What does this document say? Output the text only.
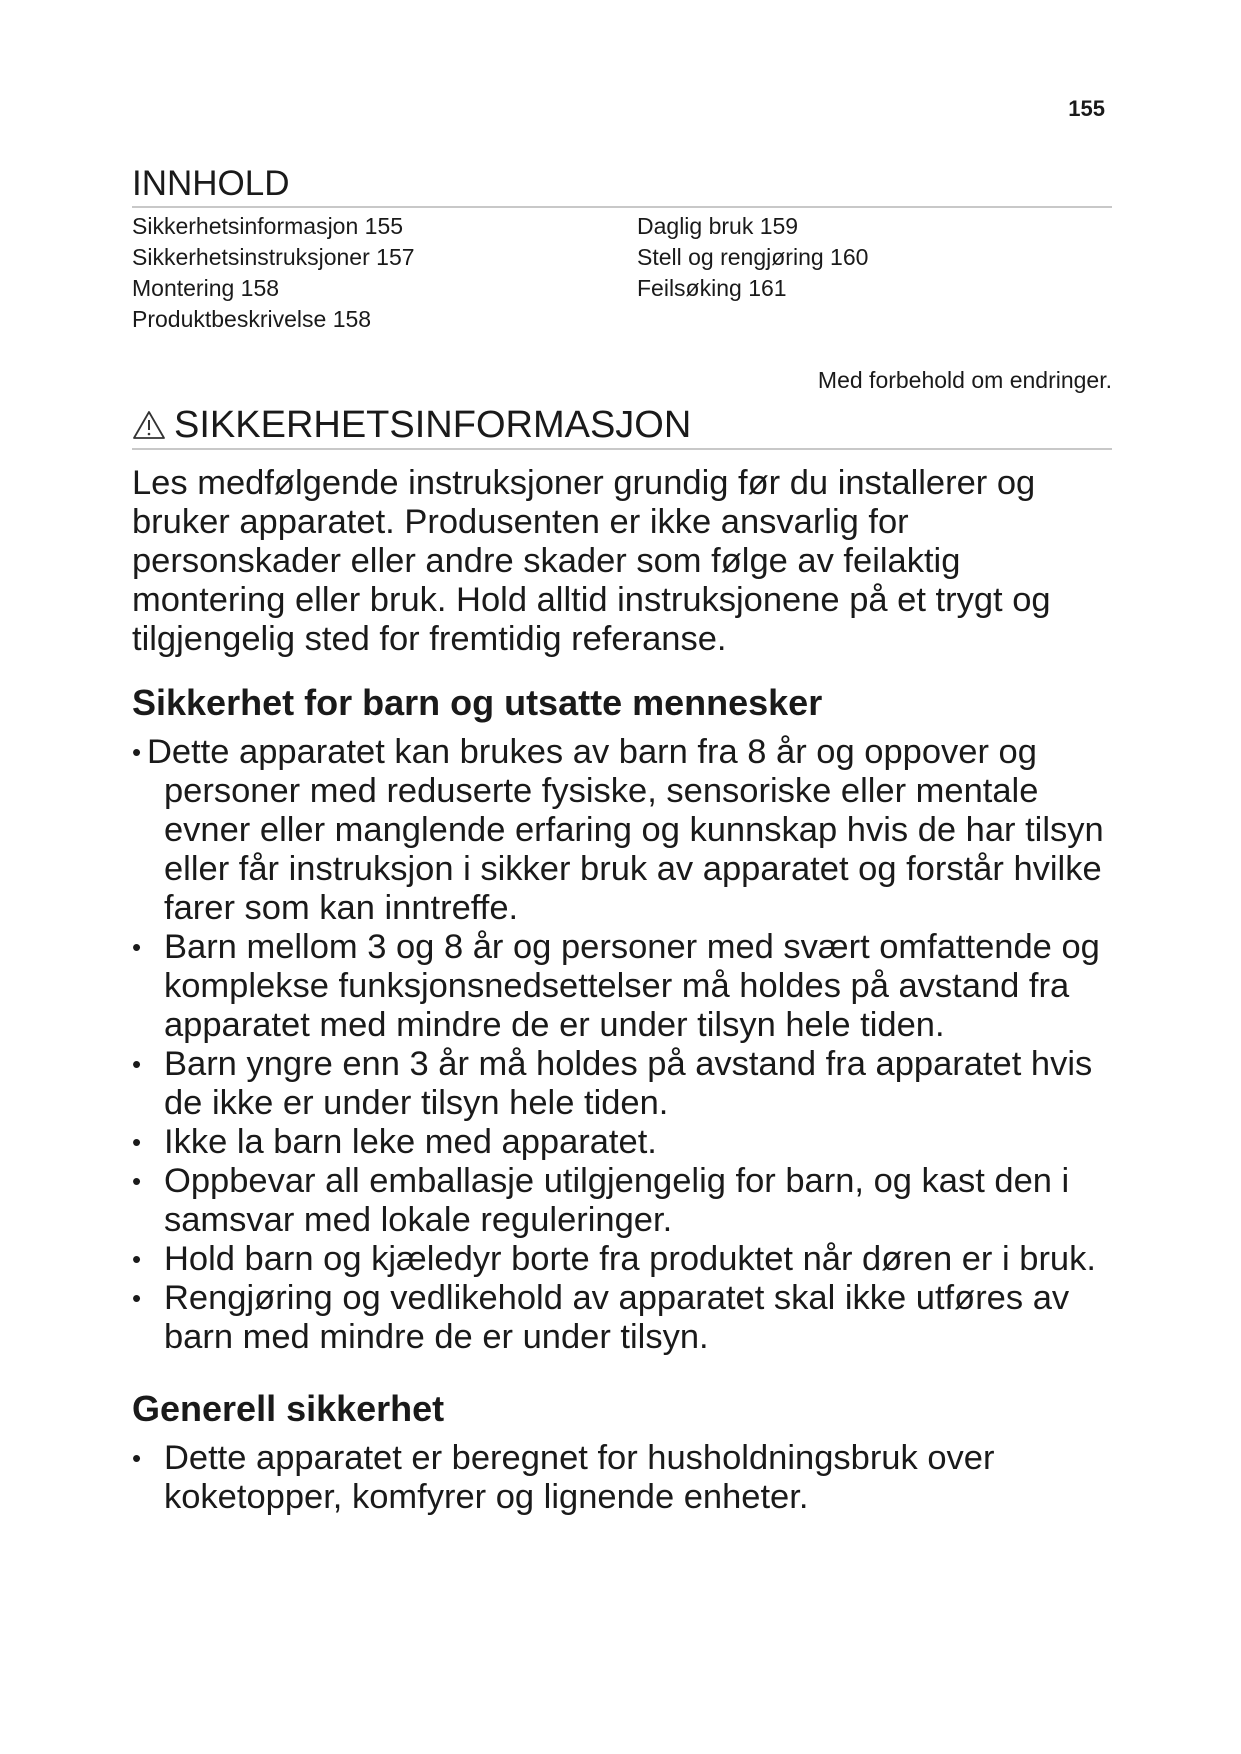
155
INNHOLD
Sikkerhetsinformasjon 155
Sikkerhetsinstruksjoner 157
Montering 158
Produktbeskrivelse 158
Daglig bruk 159
Stell og rengjøring 160
Feilsøking 161
Med forbehold om endringer.
SIKKERHETSINFORMASJON

Les medfølgende instruksjoner grundig før du installerer og bruker apparatet. Produsenten er ikke ansvarlig for personskader eller andre skader som følge av feilaktig montering eller bruk. Hold alltid instruksjonene på et trygt og tilgjengelig sted for fremtidig referanse.

Sikkerhet for barn og utsatte mennesker
• Dette apparatet kan brukes av barn fra 8 år og oppover og personer med reduserte fysiske, sensoriske eller mentale evner eller manglende erfaring og kunnskap hvis de har tilsyn eller får instruksjon i sikker bruk av apparatet og forstår hvilke farer som kan inntreffe.
• Barn mellom 3 og 8 år og personer med svært omfattende og komplekse funksjonsnedsettelser må holdes på avstand fra apparatet med mindre de er under tilsyn hele tiden.
• Barn yngre enn 3 år må holdes på avstand fra apparatet hvis de ikke er under tilsyn hele tiden.
• Ikke la barn leke med apparatet.
• Oppbevar all emballasje utilgjengelig for barn, og kast den i samsvar med lokale reguleringer.
• Hold barn og kjæledyr borte fra produktet når døren er i bruk.
• Rengjøring og vedlikehold av apparatet skal ikke utføres av barn med mindre de er under tilsyn.
Generell sikkerhet
• Dette apparatet er beregnet for husholdningsbruk over koketopper, komfyrer og lignende enheter.
